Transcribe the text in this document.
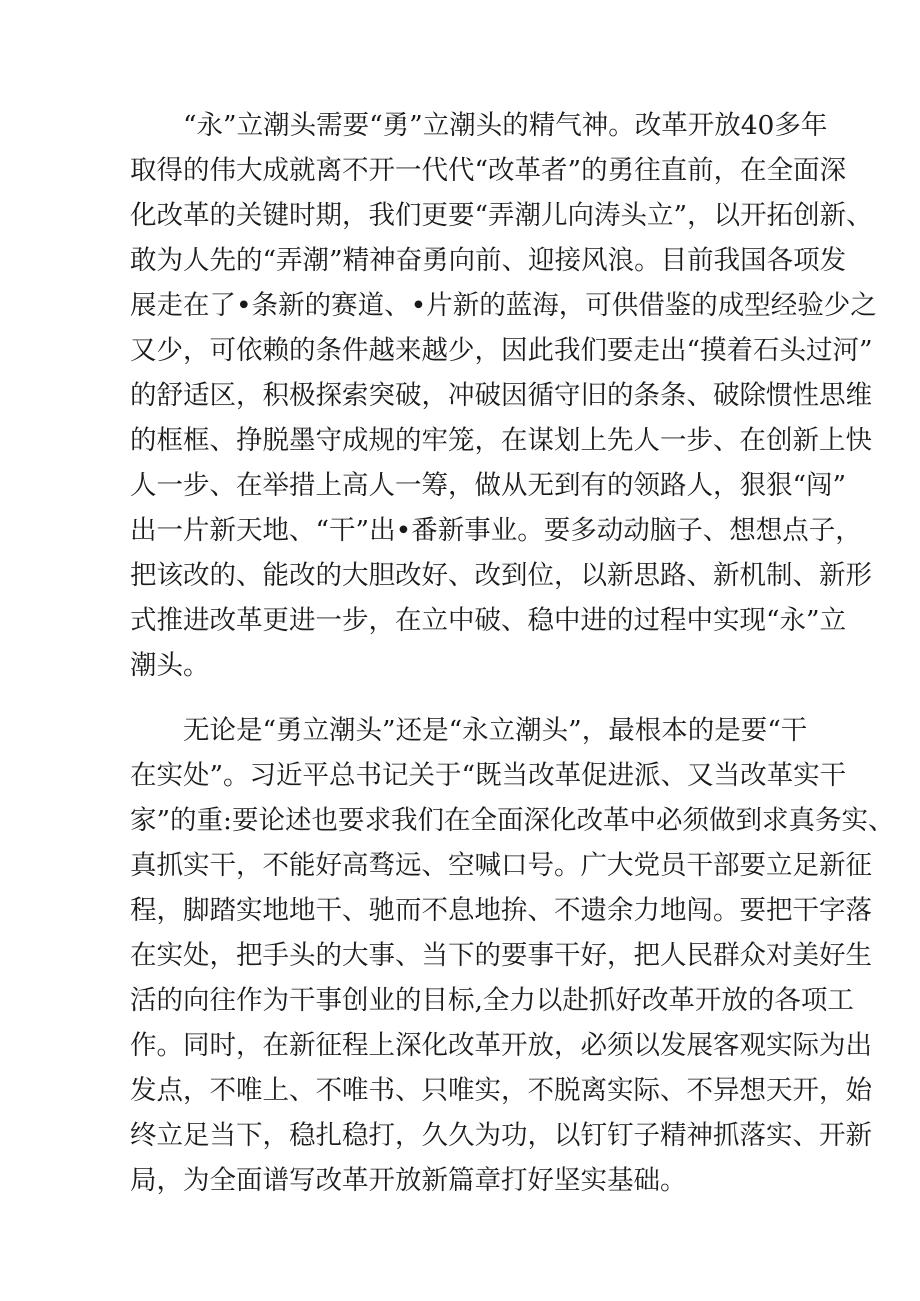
“永”立潮头需要“勇”立潮头的精气神。改革开放40多年
取得的伟大成就离不开一代代“改革者”的勇往直前，在全面深
化改革的关键时期，我们更要“弄潮儿向涛头立”，以开拓创新、
敢为人先的“弄潮”精神奋勇向前、迎接风浪。目前我国各项发
展走在了•条新的赛道、•片新的蓝海，可供借鉴的成型经验少之
又少，可依赖的条件越来越少，因此我们要走出“摸着石头过河”
的舒适区，积极探索突破，冲破因循守旧的条条、破除惯性思维
的框框、挣脱墨守成规的牢笼，在谋划上先人一步、在创新上快
人一步、在举措上高人一筹，做从无到有的领路人，狠狠“闯”
出一片新天地、“干”出•番新事业。要多动动脑子、想想点子，
把该改的、能改的大胆改好、改到位，以新思路、新机制、新形
式推进改革更进一步，在立中破、稳中进的过程中实现“永”立
潮头。
无论是“勇立潮头”还是“永立潮头”，最根本的是要“干
在实处”。习近平总书记关于“既当改革促进派、又当改革实干
家”的重:要论述也要求我们在全面深化改革中必须做到求真务实、
真抓实干，不能好高骛远、空喊口号。广大党员干部要立足新征
程，脚踏实地地干、驰而不息地拚、不遗余力地闯。要把干字落
在实处，把手头的大事、当下的要事干好，把人民群众对美好生
活的向往作为干事创业的目标,全力以赴抓好改革开放的各项工
作。同时，在新征程上深化改革开放，必须以发展客观实际为出
发点，不唯上、不唯书、只唯实，不脱离实际、不异想天开，始
终立足当下，稳扎稳打，久久为功，以钉钉子精神抓落实、开新
局，为全面谱写改革开放新篇章打好坚实基础。
